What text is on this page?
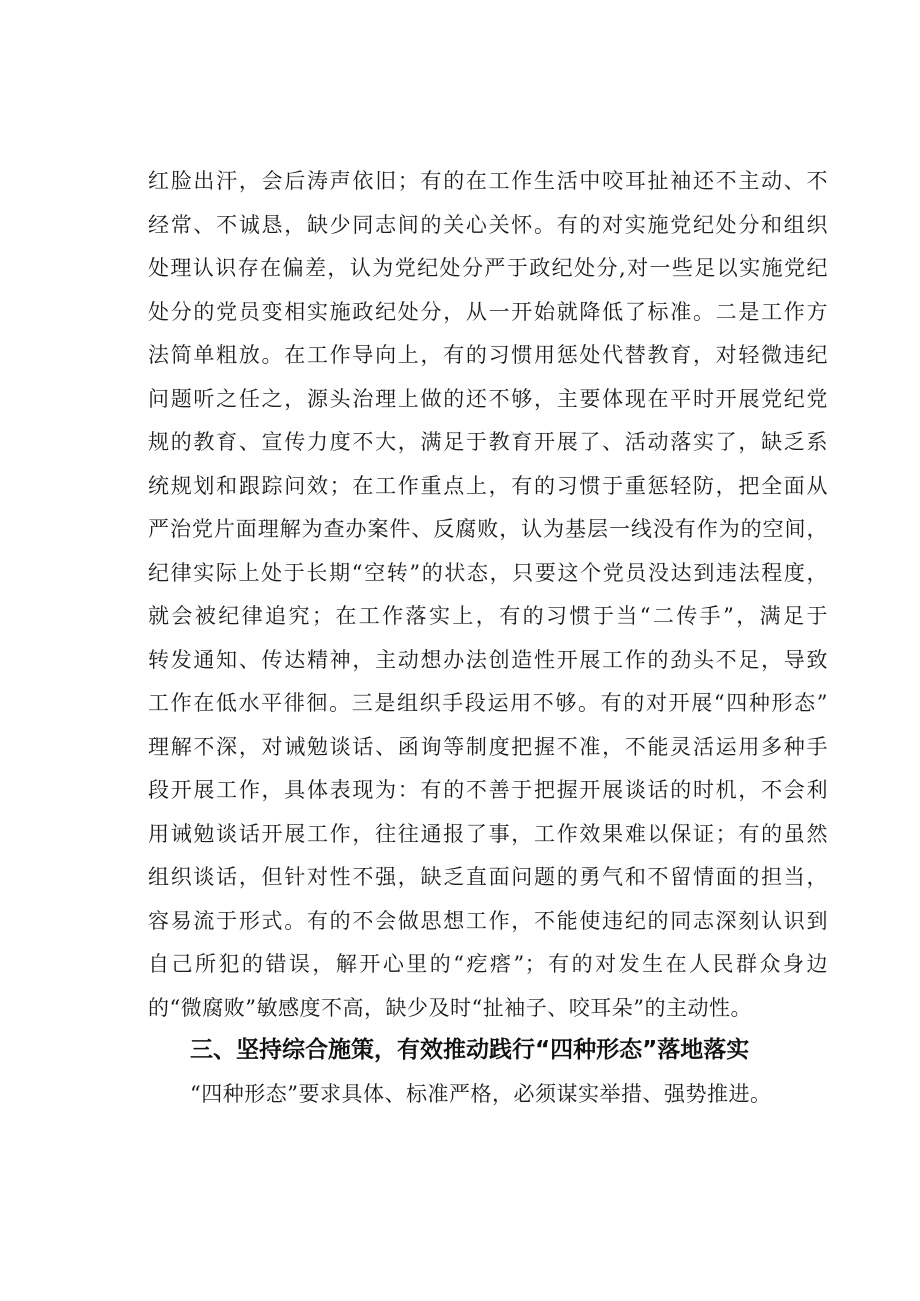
红脸出汗，会后涛声依旧；有的在工作生活中咬耳扯袖还不主动、不
经常、不诚恳，缺少同志间的关心关怀。有的对实施党纪处分和组织
处理认识存在偏差，认为党纪处分严于政纪处分,对一些足以实施党纪
处分的党员变相实施政纪处分，从一开始就降低了标准。二是工作方
法简单粗放。在工作导向上，有的习惯用惩处代替教育，对轻微违纪
问题听之任之，源头治理上做的还不够，主要体现在平时开展党纪党
规的教育、宣传力度不大，满足于教育开展了、活动落实了，缺乏系
统规划和跟踪问效；在工作重点上，有的习惯于重惩轻防，把全面从
严治党片面理解为查办案件、反腐败，认为基层一线没有作为的空间，
纪律实际上处于长期“空转”的状态，只要这个党员没达到违法程度，
就会被纪律追究；在工作落实上，有的习惯于当“二传手”，满足于
转发通知、传达精神，主动想办法创造性开展工作的劲头不足，导致
工作在低水平徘徊。三是组织手段运用不够。有的对开展“四种形态”
理解不深，对诫勉谈话、函询等制度把握不准，不能灵活运用多种手
段开展工作，具体表现为：有的不善于把握开展谈话的时机，不会利
用诫勉谈话开展工作，往往通报了事，工作效果难以保证；有的虽然
组织谈话，但针对性不强，缺乏直面问题的勇气和不留情面的担当，
容易流于形式。有的不会做思想工作，不能使违纪的同志深刻认识到
自己所犯的错误，解开心里的“疙瘩”；有的对发生在人民群众身边
的“微腐败”敏感度不高，缺少及时“扯袖子、咬耳朵”的主动性。
三、坚持综合施策，有效推动践行“四种形态”落地落实
“四种形态”要求具体、标准严格，必须谋实举措、强势推进。
